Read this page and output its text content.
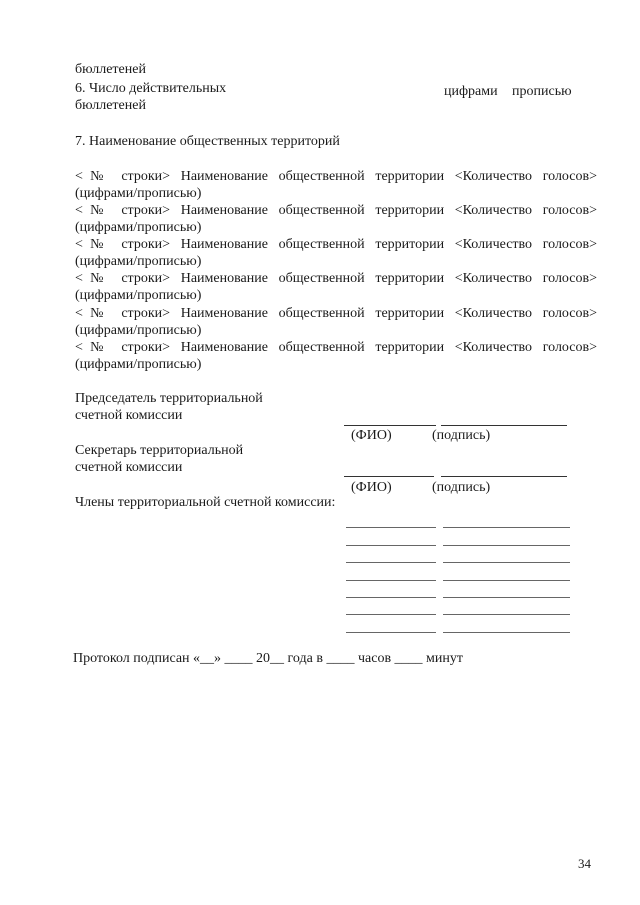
бюллетеней

6. Число действительных

бюллетеней

цифрами прописью

7. Наименование общественных территорий

<№ строки> Наименование общественной территории <Количество голосов>

(цифрами/прописью)

<№ строки> Наименование общественной территории <Количество голосов>

(цифрами/прописью)

<№ строки> Наименование общественной территории <Количество голосов>

(цифрами/прописью)

<№ строки> Наименование общественной территории <Количество голосов>

(цифрами/прописью)

<№ строки> Наименование общественной территории <Количество голосов>

(цифрами/прописью)

<№ строки> Наименование общественной территории <Количество голосов>

(цифрами/прописью)

Председатель территориальной

счетной комиссии

(ФИО)	(подпись)

Секретарь территориальной

счетной комиссии

(ФИО)	(подпись)

Члены территориальной счетной комиссии:

Протокол подписан «__» ____ 20__ года в ____ часов ____ минут

34
